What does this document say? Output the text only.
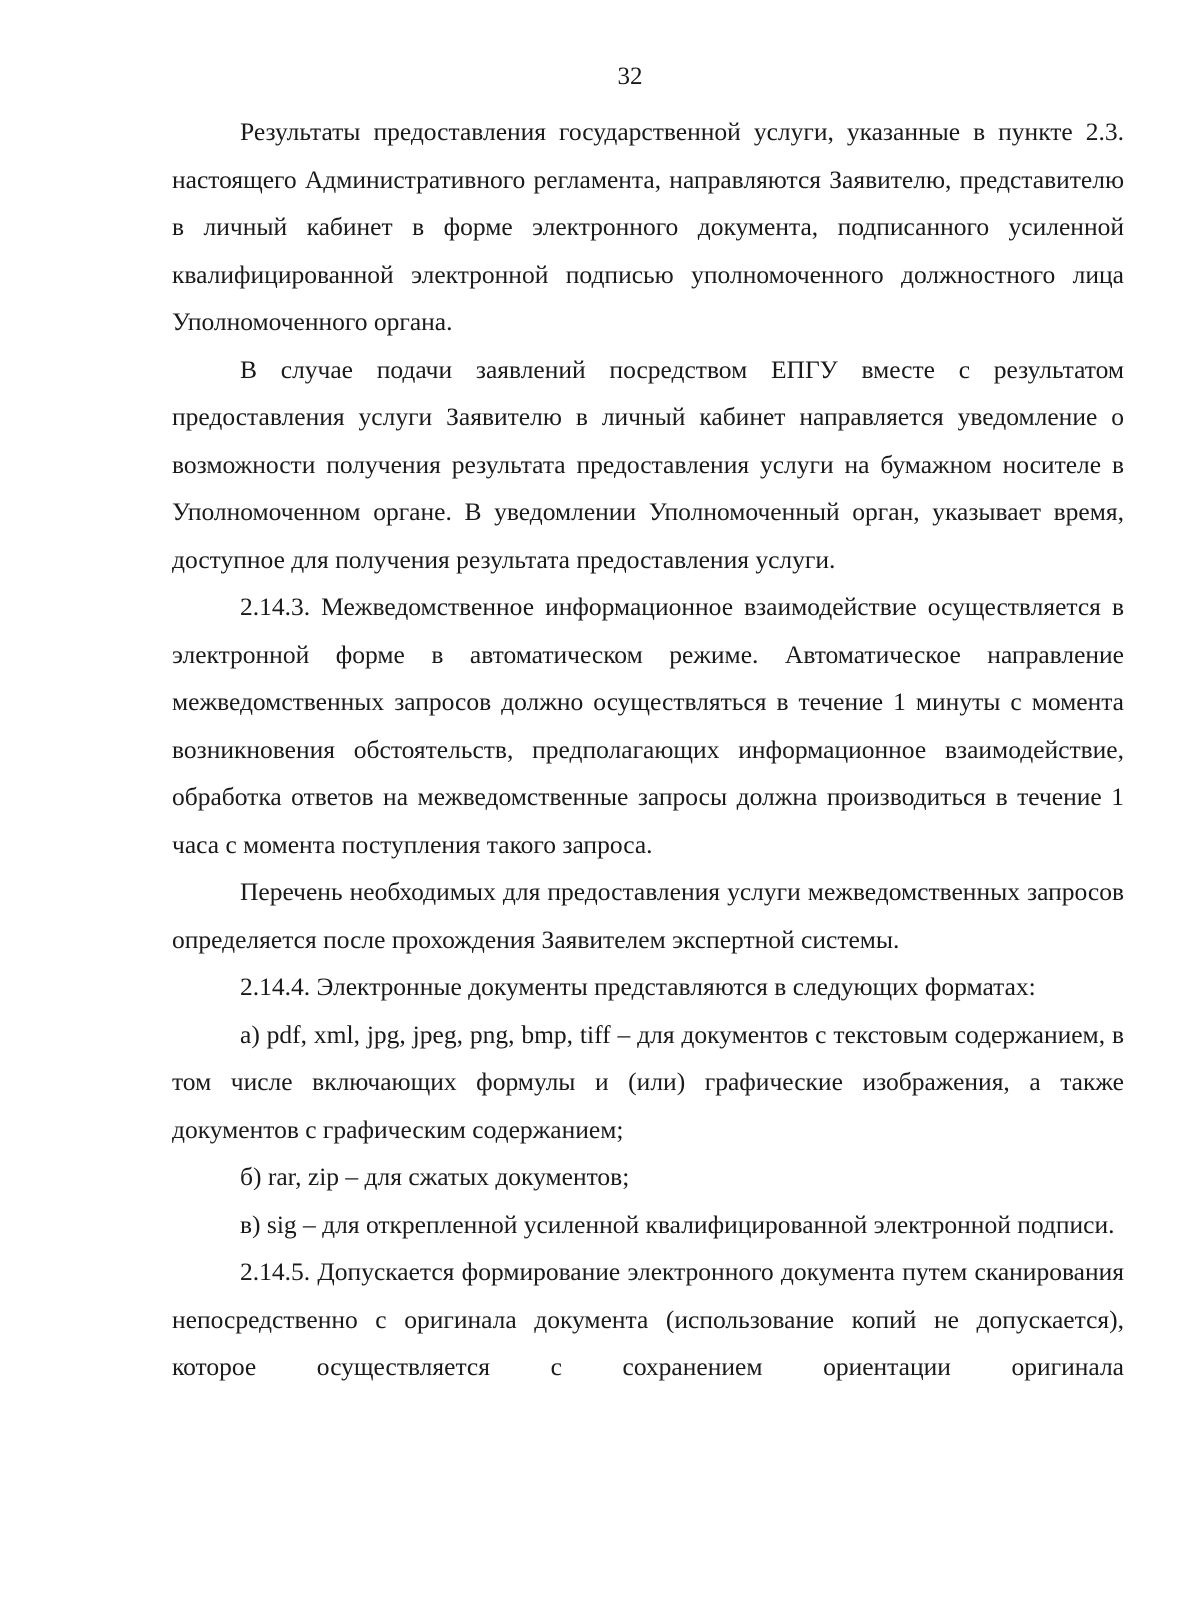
32

Результаты предоставления государственной услуги, указанные в пункте 2.3. настоящего Административного регламента, направляются Заявителю, представителю в личный кабинет в форме электронного документа, подписанного усиленной квалифицированной электронной подписью уполномоченного должностного лица Уполномоченного органа.

В случае подачи заявлений посредством ЕПГУ вместе с результатом предоставления услуги Заявителю в личный кабинет направляется уведомление о возможности получения результата предоставления услуги на бумажном носителе в Уполномоченном органе. В уведомлении Уполномоченный орган, указывает время, доступное для получения результата предоставления услуги.

2.14.3. Межведомственное информационное взаимодействие осуществляется в электронной форме в автоматическом режиме. Автоматическое направление межведомственных запросов должно осуществляться в течение 1 минуты с момента возникновения обстоятельств, предполагающих информационное взаимодействие, обработка ответов на межведомственные запросы должна производиться в течение 1 часа с момента поступления такого запроса.

Перечень необходимых для предоставления услуги межведомственных запросов определяется после прохождения Заявителем экспертной системы.

2.14.4. Электронные документы представляются в следующих форматах:

а) pdf, xml, jpg, jpeg, png, bmp, tiff – для документов с текстовым содержанием, в том числе включающих формулы и (или) графические изображения, а также документов с графическим содержанием;

б) rar, zip – для сжатых документов;

в) sig – для открепленной усиленной квалифицированной электронной подписи.

2.14.5. Допускается формирование электронного документа путем сканирования непосредственно с оригинала документа (использование копий не допускается), которое осуществляется с сохранением ориентации оригинала
